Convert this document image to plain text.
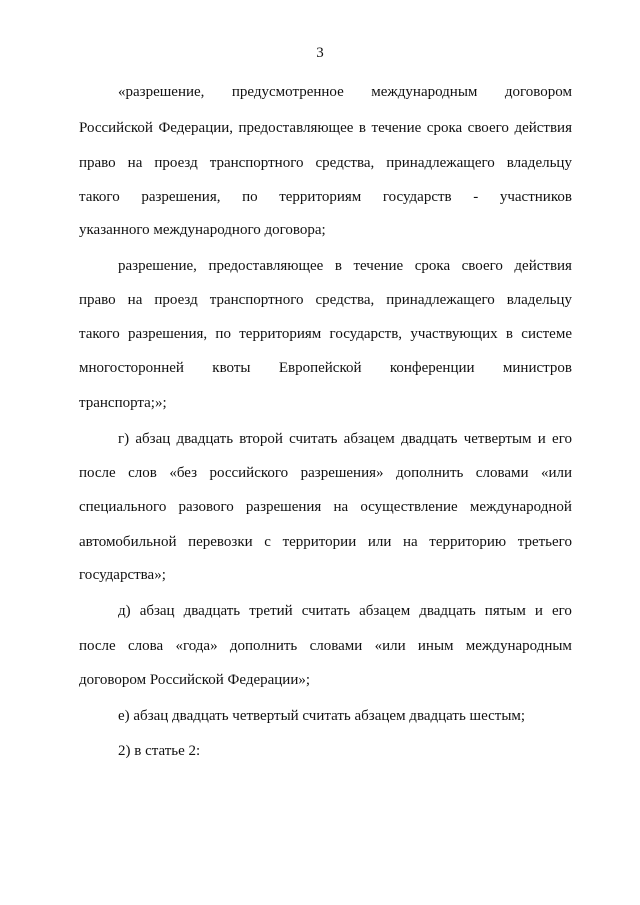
3
«разрешение, предусмотренное международным договором
Российской Федерации, предоставляющее в течение срока своего действия
право на проезд транспортного средства, принадлежащего владельцу
такого разрешения, по территориям государств - участников
указанного международного договора;
разрешение, предоставляющее в течение срока своего действия
право на проезд транспортного средства, принадлежащего владельцу
такого разрешения, по территориям государств, участвующих в системе
многосторонней квоты Европейской конференции министров
транспорта;»;
г) абзац двадцать второй считать абзацем двадцать четвертым и его
после слов «без российского разрешения» дополнить словами «или
специального разового разрешения на осуществление международной
автомобильной перевозки с территории или на территорию третьего
государства»;
д) абзац двадцать третий считать абзацем двадцать пятым и его
после слова «года» дополнить словами «или иным международным
договором Российской Федерации»;
е) абзац двадцать четвертый считать абзацем двадцать шестым;
2) в статье 2:
